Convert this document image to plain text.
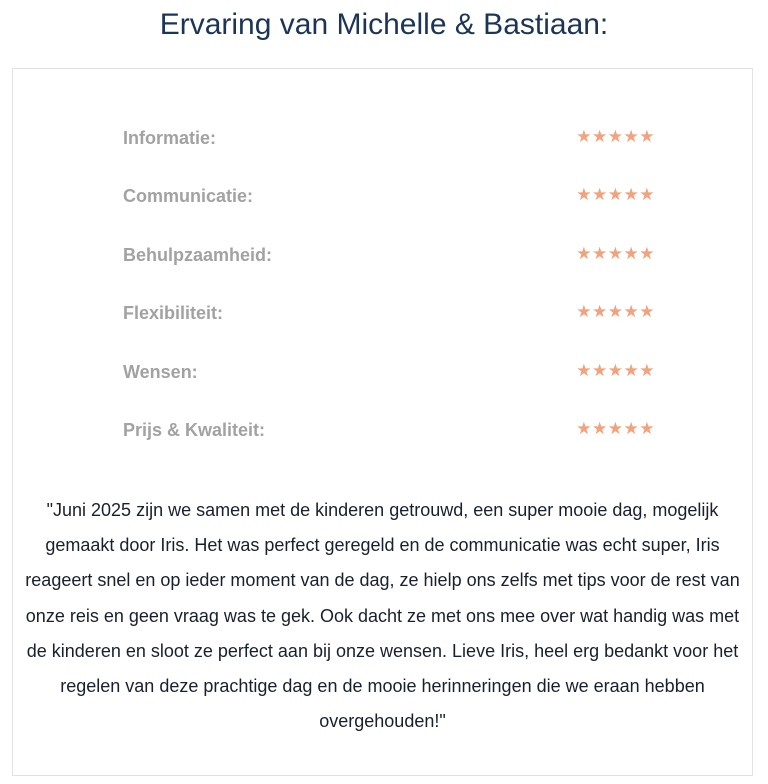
Ervaring van Michelle & Bastiaan:
Informatie:	★★★★★
Communicatie:	★★★★★
Behulpzaamheid:	★★★★★
Flexibiliteit:	★★★★★
Wensen:	★★★★★
Prijs & Kwaliteit:	★★★★★

"Juni 2025 zijn we samen met de kinderen getrouwd, een super mooie dag, mogelijk gemaakt door Iris. Het was perfect geregeld en de communicatie was echt super, Iris reageert snel en op ieder moment van de dag, ze hielp ons zelfs met tips voor de rest van onze reis en geen vraag was te gek. Ook dacht ze met ons mee over wat handig was met de kinderen en sloot ze perfect aan bij onze wensen. Lieve Iris, heel erg bedankt voor het regelen van deze prachtige dag en de mooie herinneringen die we eraan hebben overgehouden!"
